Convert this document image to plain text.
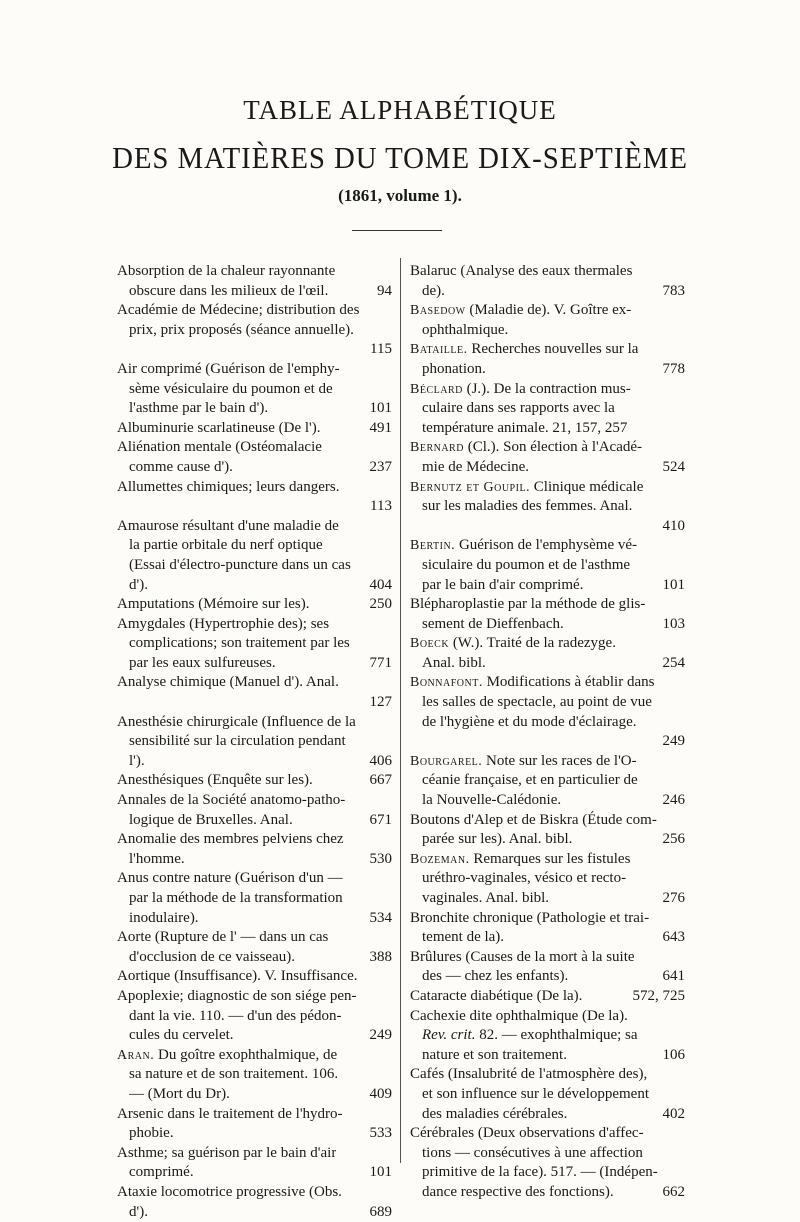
TABLE ALPHABÉTIQUE
DES MATIÈRES DU TOME DIX-SEPTIÈME
(1861, volume 1).
Absorption de la chaleur rayonnante
obscure dans les milieux de l'œil.	94
Académie de Médecine; distribution des
prix, prix proposés (séance annuelle).
115
Air comprimé (Guérison de l'emphy-
sème vésiculaire du poumon et de
l'asthme par le bain d').	101
Albuminurie scarlatineuse (De l').	491
Aliénation mentale (Ostéomalacie
comme cause d').	237
Allumettes chimiques; leurs dangers.
113
Amaurose résultant d'une maladie de
la partie orbitale du nerf optique
(Essai d'électro-puncture dans un cas
d').	404
Amputations (Mémoire sur les).	250
Amygdales (Hypertrophie des); ses
complications; son traitement par les
par les eaux sulfureuses.	771
Analyse chimique (Manuel d'). Anal.
127
Anesthésie chirurgicale (Influence de la
sensibilité sur la circulation pendant
l').	406
Anesthésiques (Enquête sur les).	667
Annales de la Société anatomo-patho-
logique de Bruxelles. Anal.	671
Anomalie des membres pelviens chez
l'homme.	530
Anus contre nature (Guérison d'un —
par la méthode de la transformation
inodulaire).	534
Aorte (Rupture de l' — dans un cas
d'occlusion de ce vaisseau).	388
Aortique (Insuffisance). V. Insuffisance.
Apoplexie; diagnostic de son siége pen-
dant la vie. 110. — d'un des pédon-
cules du cervelet.	249
Aran. Du goître exophthalmique, de
sa nature et de son traitement. 106.
— (Mort du Dr).	409
Arsenic dans le traitement de l'hydro-
phobie.	533
Asthme; sa guérison par le bain d'air
comprimé.	101
Ataxie locomotrice progressive (Obs.
d').	689
Balaruc (Analyse des eaux thermales
de).	783
Basedow (Maladie de). V. Goître ex-
ophthalmique.
Bataille. Recherches nouvelles sur la
phonation.	778
Béclard (J.). De la contraction mus-
culaire dans ses rapports avec la
température animale. 21, 157, 257
Bernard (Cl.). Son élection à l'Acadé-
mie de Médecine.	524
Bernutz et Goupil. Clinique médicale
sur les maladies des femmes. Anal.
410
Bertin. Guérison de l'emphysème vé-
siculaire du poumon et de l'asthme
par le bain d'air comprimé.	101
Blépharoplastie par la méthode de glis-
sement de Dieffenbach.	103
Boeck (W.). Traité de la radezyge.
Anal. bibl.	254
Bonnafont. Modifications à établir dans
les salles de spectacle, au point de vue
de l'hygiène et du mode d'éclairage.
249
Bourgarel. Note sur les races de l'O-
céanie française, et en particulier de
la Nouvelle-Calédonie.	246
Boutons d'Alep et de Biskra (Étude com-
parée sur les). Anal. bibl.	256
Bozeman. Remarques sur les fistules
uréthro-vaginales, vésico et recto-
vaginales. Anal. bibl.	276
Bronchite chronique (Pathologie et trai-
tement de la).	643
Brûlures (Causes de la mort à la suite
des — chez les enfants).	641
Cataracte diabétique (De la).	572, 725
Cachexie dite ophthalmique (De la).
Rev. crit. 82. — exophthalmique; sa
nature et son traitement.	106
Cafés (Insalubrité de l'atmosphère des),
et son influence sur le développement
des maladies cérébrales.	402
Cérébrales (Deux observations d'affec-
tions — consécutives à une affection
primitive de la face). 517. — (Indépen-
dance respective des fonctions).	662
